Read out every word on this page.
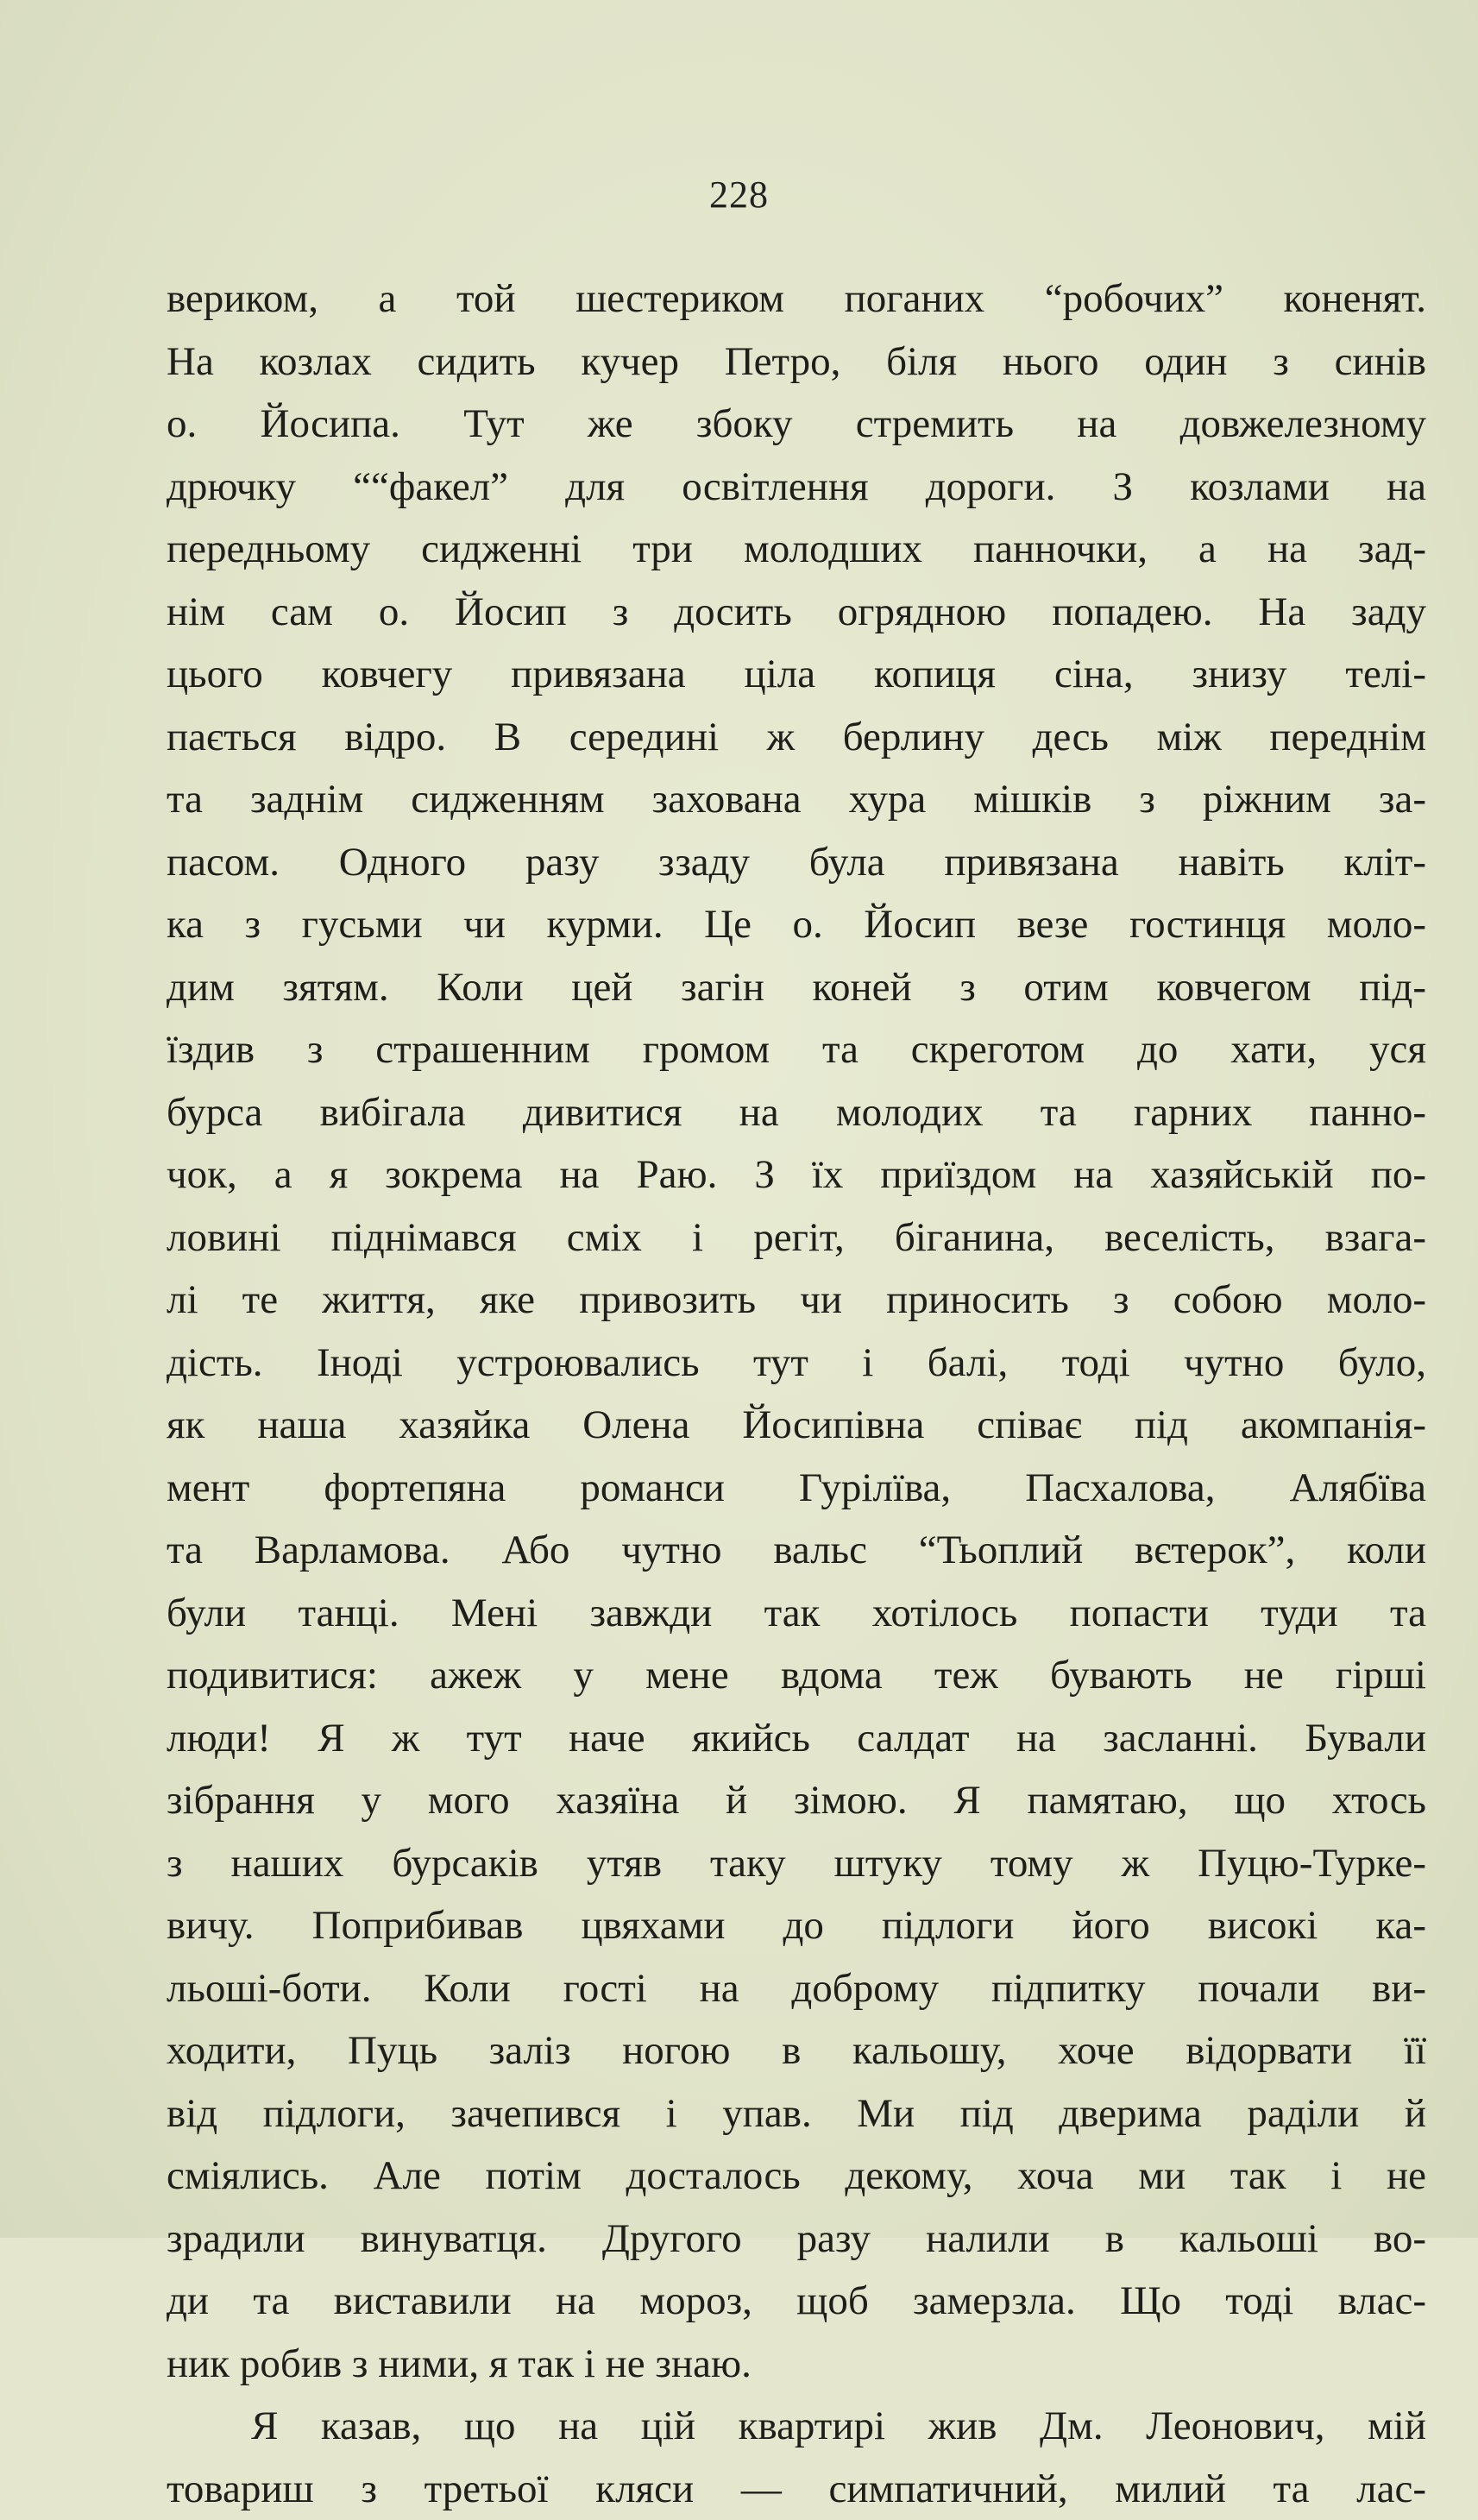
228
вериком, а той шестериком поганих “робочих” коненят.
На козлах сидить кучер Петро, біля нього один з синів
о. Йосипа. Тут же збоку стремить на довжелезному
дрючку ““факел” для освітлення дороги. З козлами на
передньому сидженні три молодших панночки, а на зад-
нім сам о. Йосип з досить огрядною попадею. На заду
цього ковчегу привязана ціла копиця сіна, знизу телі-
пається відро. В середині ж берлину десь між переднім
та заднім сидженням захована хура мішків з ріжним за-
пасом. Одного разу ззаду була привязана навіть кліт-
ка з гусьми чи курми. Це о. Йосип везе гостинця моло-
дим зятям. Коли цей загін коней з отим ковчегом під-
їздив з страшенним громом та скреготом до хати, уся
бурса вибігала дивитися на молодих та гарних панно-
чок, а я зокрема на Раю. З їх приїздом на хазяйській по-
ловині піднімався сміх і регіт, біганина, веселість, взага-
лі те життя, яке привозить чи приносить з собою моло-
дість. Іноді устроювались тут і балі, тоді чутно було,
як наша хазяйка Олена Йосипівна співає під акомпанія-
мент фортепяна романси Гурілїва, Пасхалова, Алябїва
та Варламова. Або чутно вальс “Тьоплий вєтерок”, коли
були танці. Мені завжди так хотілось попасти туди та
подивитися: ажеж у мене вдома теж бувають не гірші
люди! Я ж тут наче якийсь салдат на засланні. Бували
зібрання у мого хазяїна й зімою. Я памятаю, що хтось
з наших бурсаків утяв таку штуку тому ж Пуцю-Турке-
вичу. Поприбивав цвяхами до підлоги його високі ка-
льоші-боти. Коли гості на доброму підпитку почали ви-
ходити, Пуць заліз ногою в кальошу, хоче відорвати її
від підлоги, зачепився і упав. Ми під дверима раділи й
сміялись. Але потім досталось декому, хоча ми так і не
зрадили винуватця. Другого разу налили в кальоші во-
ди та виставили на мороз, щоб замерзла. Що тоді влас-
ник робив з ними, я так і не знаю.
Я казав, що на цій квартирі жив Дм. Леонович, мій
товариш з третьої кляси — симпатичний, милий та лас-
